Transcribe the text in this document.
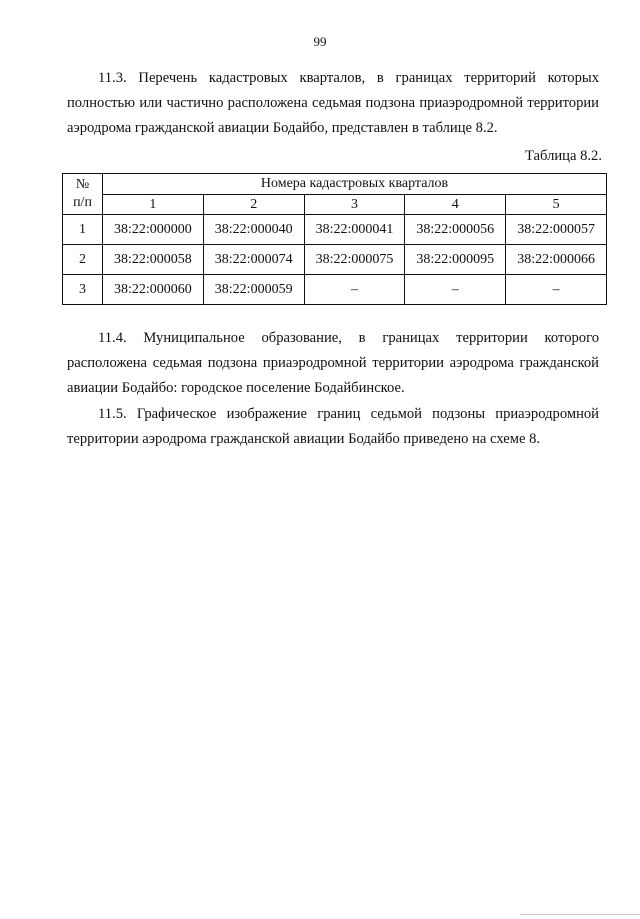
99
11.3. Перечень кадастровых кварталов, в границах территорий которых полностью или частично расположена седьмая подзона приаэродромной территории аэродрома гражданской авиации Бодайбо, представлен в таблице 8.2.
Таблица 8.2.
№
п/п	Номера кадастровых кварталов				
	1	2	3	4	5
1	38:22:000000	38:22:000040	38:22:000041	38:22:000056	38:22:000057
2	38:22:000058	38:22:000074	38:22:000075	38:22:000095	38:22:000066
3	38:22:000060	38:22:000059	–	–	–
11.4. Муниципальное образование, в границах территории которого расположена седьмая подзона приаэродромной территории аэродрома гражданской авиации Бодайбо: городское поселение Бодайбинское.
11.5. Графическое изображение границ седьмой подзоны приаэродромной территории аэродрома гражданской авиации Бодайбо приведено на схеме 8.
